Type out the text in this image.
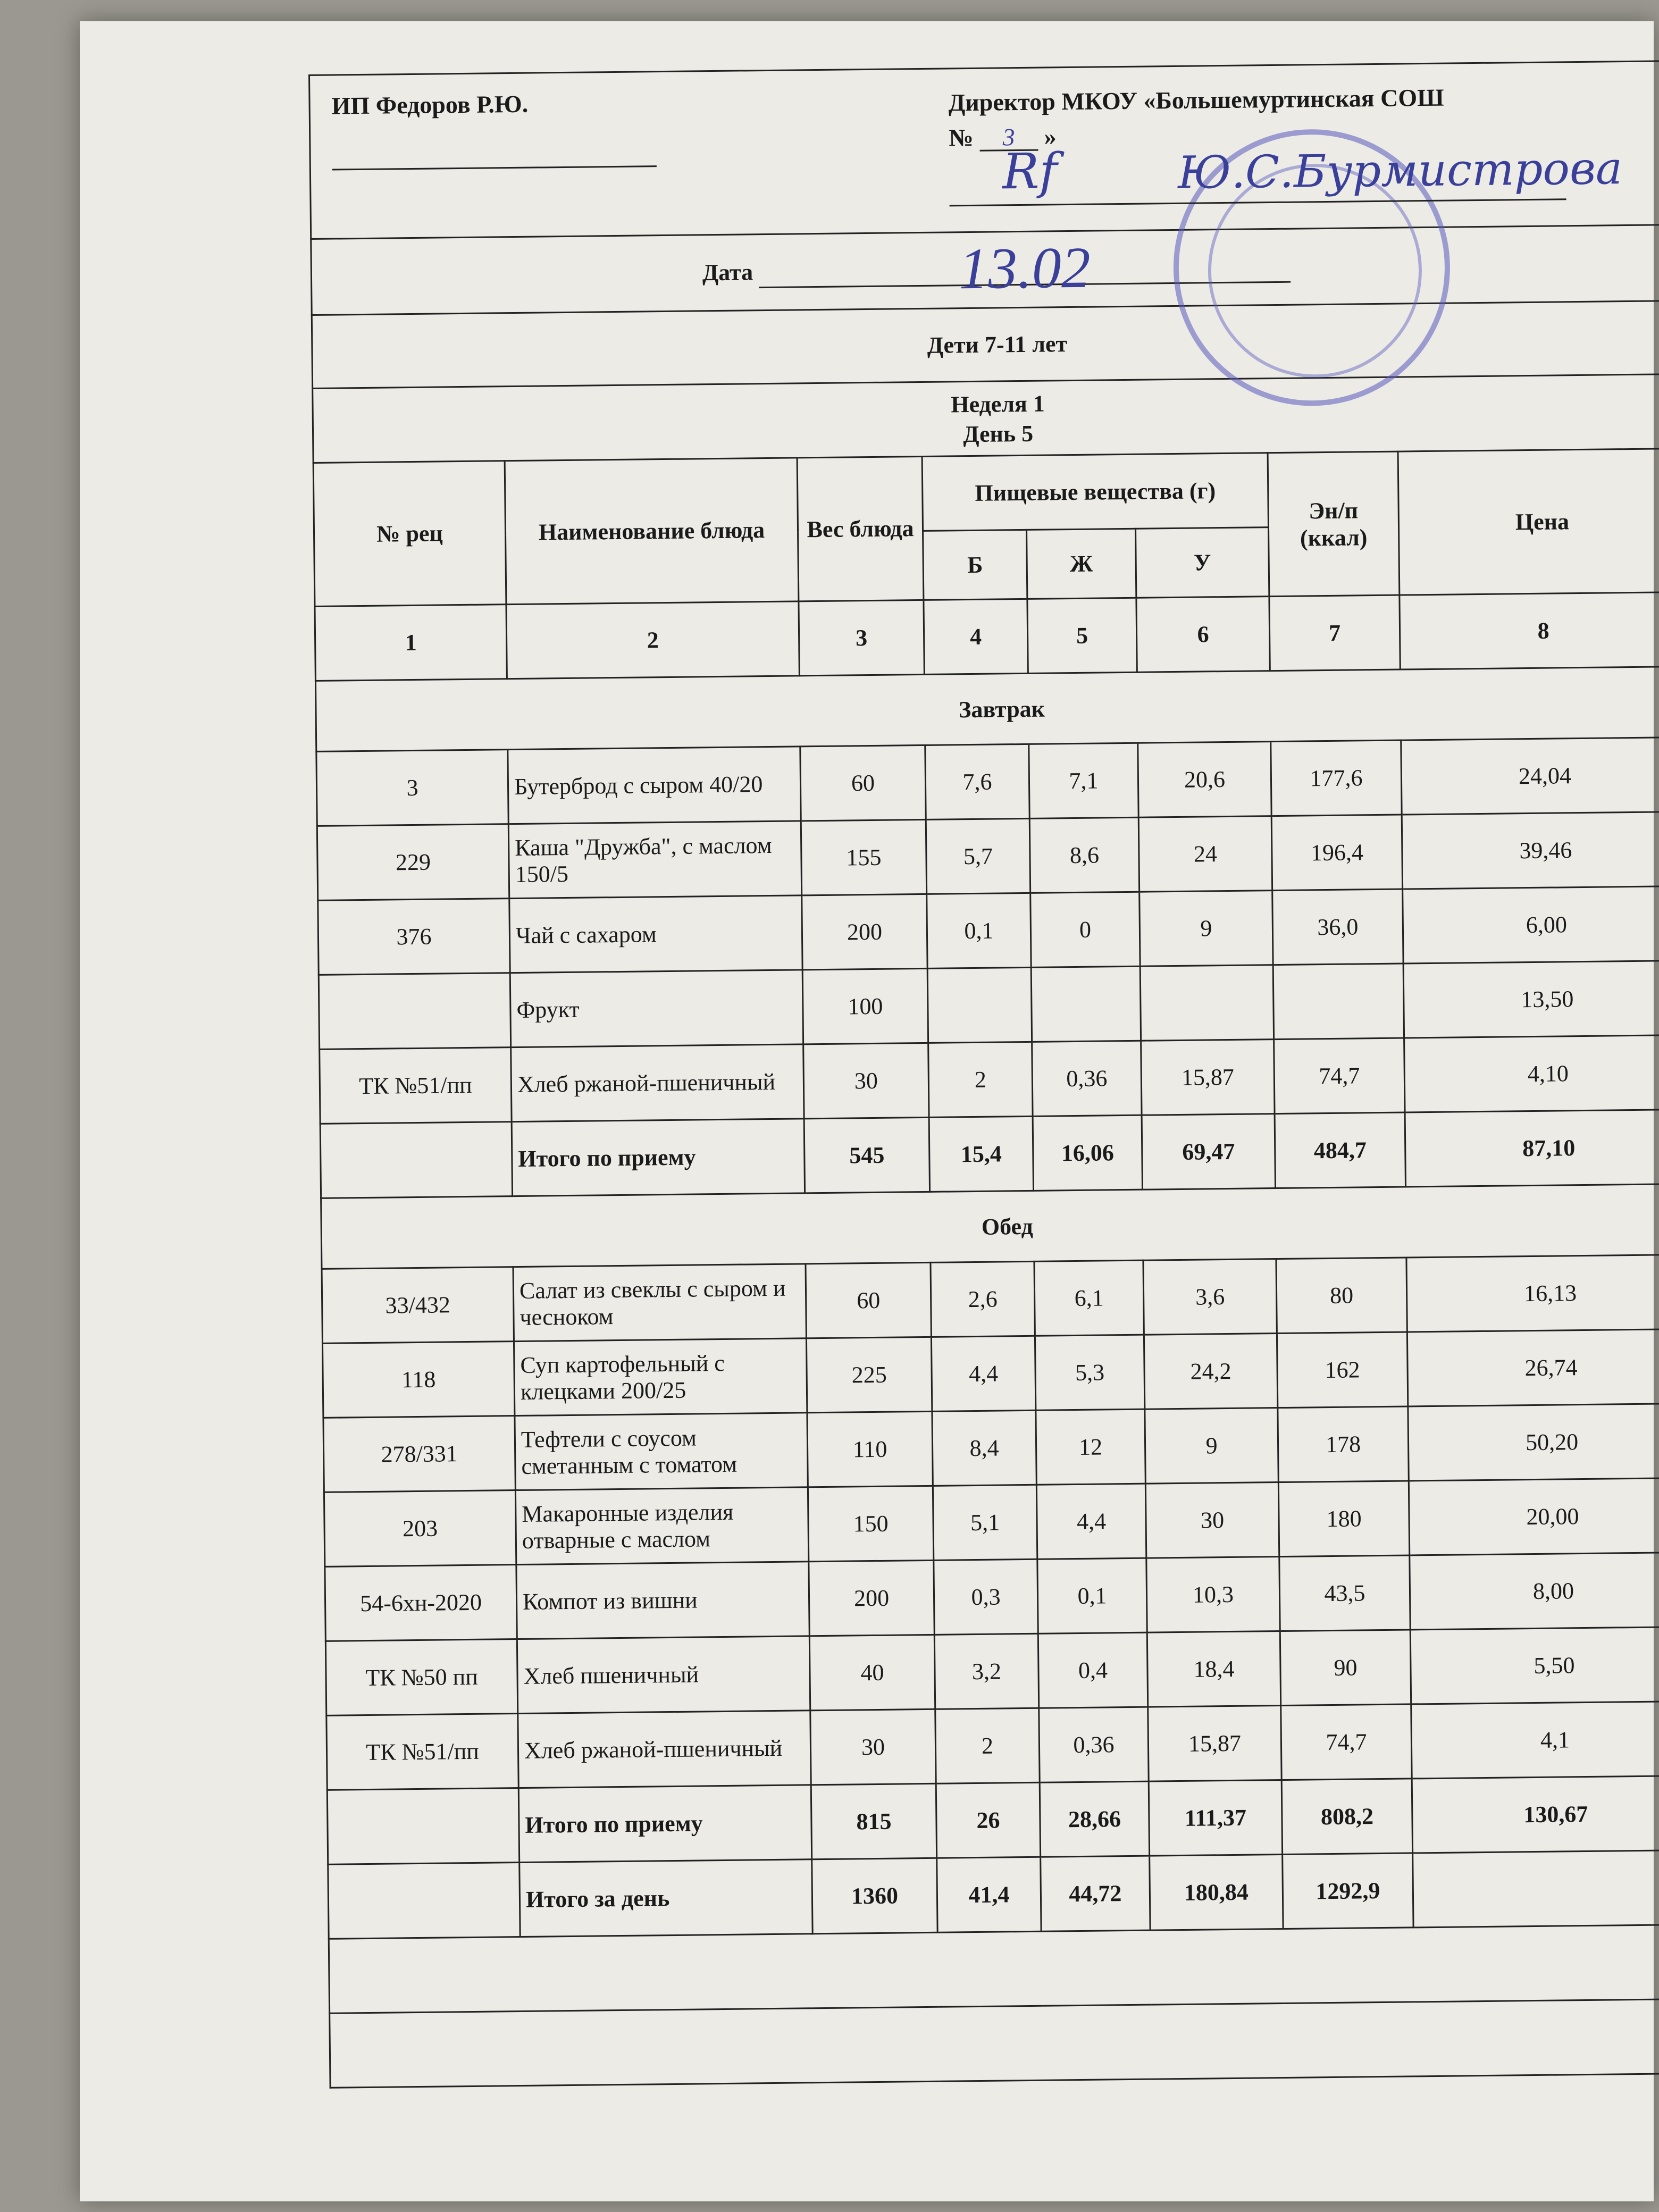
ИП Федоров Р.Ю.	Директор МКОУ «Большемуртинская СОШ
№ 3 »
Rf	Ю.С.Бурмистрова
Дата	13.02
Дети 7-11 лет
Неделя 1
День 5
№ рец	Наименование блюда	Вес блюда	Пищевые вещества (г)			Эн/п (ккал)	Цена
			Б	Ж	У		
1	2	3	4	5	6	7	8
Завтрак							
3	Бутерброд с сыром 40/20	60	7,6	7,1	20,6	177,6	24,04
229	Каша "Дружба", с маслом 150/5	155	5,7	8,6	24	196,4	39,46
376	Чай с сахаром	200	0,1	0	9	36,0	6,00
	Фрукт	100					13,50
ТК №51/пп	Хлеб ржаной-пшеничный	30	2	0,36	15,87	74,7	4,10
	Итого по приему	545	15,4	16,06	69,47	484,7	87,10
Обед							
33/432	Салат из свеклы с сыром и чесноком	60	2,6	6,1	3,6	80	16,13
118	Суп картофельный с клецками 200/25	225	4,4	5,3	24,2	162	26,74
278/331	Тефтели с соусом сметанным с томатом	110	8,4	12	9	178	50,20
203	Макаронные изделия отварные с маслом	150	5,1	4,4	30	180	20,00
54-6хн-2020	Компот из вишни	200	0,3	0,1	10,3	43,5	8,00
ТК №50 пп	Хлеб пшеничный	40	3,2	0,4	18,4	90	5,50
ТК №51/пп	Хлеб ржаной-пшеничный	30	2	0,36	15,87	74,7	4,1
	Итого по приему	815	26	28,66	111,37	808,2	130,67
	Итого за день	1360	41,4	44,72	180,84	1292,9	
